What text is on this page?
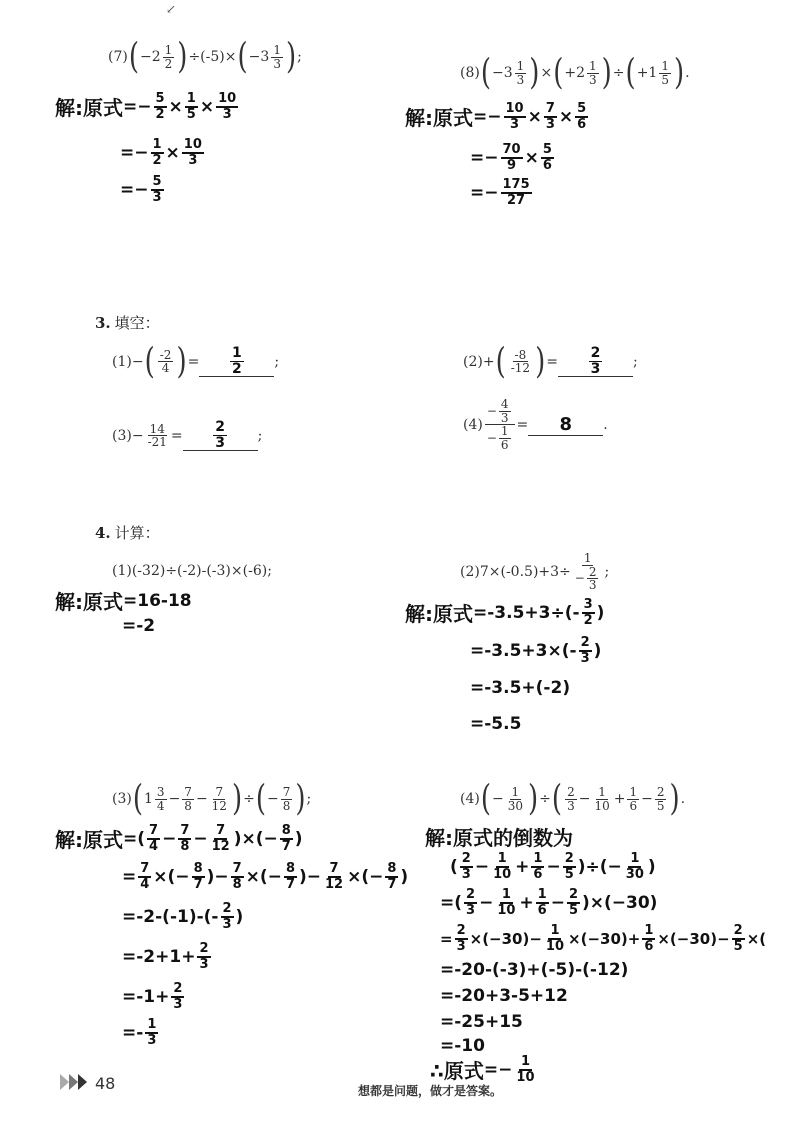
↙
(7) ( − 2 1
2 ) ÷( -5 )× ( − 3 1
3 ) ;
解:原式 =− 5
2 × 1
5 × 10
3
=− 1
2 × 10
3
=− 5
3
(8) ( − 3 1
3 ) × ( + 2 1
3 ) ÷ ( + 1 1
5 ) .
解:原式 =− 10
3 × 7
3 × 5
6
=− 70
9 × 5
6
=− 175
27
3. 填空：
(1) − ( -2
4 ) = $\frac{1}{2}$ ;	(2) + ( -8
-12 ) = $\frac{2}{3}$ ;
(3) − 14
$-21 = \frac{2}{3}$ ;
(4)
− 4
3
− 1
6
=	8	.
4. 计算：
(1) (-32)÷(-2)-(-3)×(-6);
解:原式 = 16-18
=-2
(2) 7×(-0.5)+3÷ 1
− 2
3 ;
解:原式 =-3.5+3÷(- 3
2 )
=-3.5+3×(- 2
3 )
=-3.5+(-2)
=-5.5
(3) ( 1 3
4 − 7
8 − 7
12 ) ÷ ( − 7
8 ) ;
解:原式 =( 7
4 − 7
8 − 7
12 )×(− 8
7 )
= 7
4 ×(− 8
7 )− 7
8 ×(− 8
7 )− 7
12 ×(− 8
7 )
=-2-(-1)-(- 2
3 )
$=-2+1+ \frac{2}{3}$
$=-1+ \frac{2}{3}$
=- 1
3
(4) ( − 1
30 ) ÷ ( 2
3 − 1
10 + 1
6 − 2
5 ) .
解:原式的倒数为
( 2
3 − 1
10 + 1
6 − 2
5 )÷(− 1
30 )
=( 2
3 − 1
10 + 1
6 − 2
5 )×(−30)
= 2
3 ×(−30)− 1
10 ×(−30)+ 1
6 ×(−30)− 2
5 ×(
=-20-(-3)+(-5)-(-12)
=-20+3-5+12
=-25+15
=-10
∴原式 =− 1
10
48	想都是问题，做才是答案。
